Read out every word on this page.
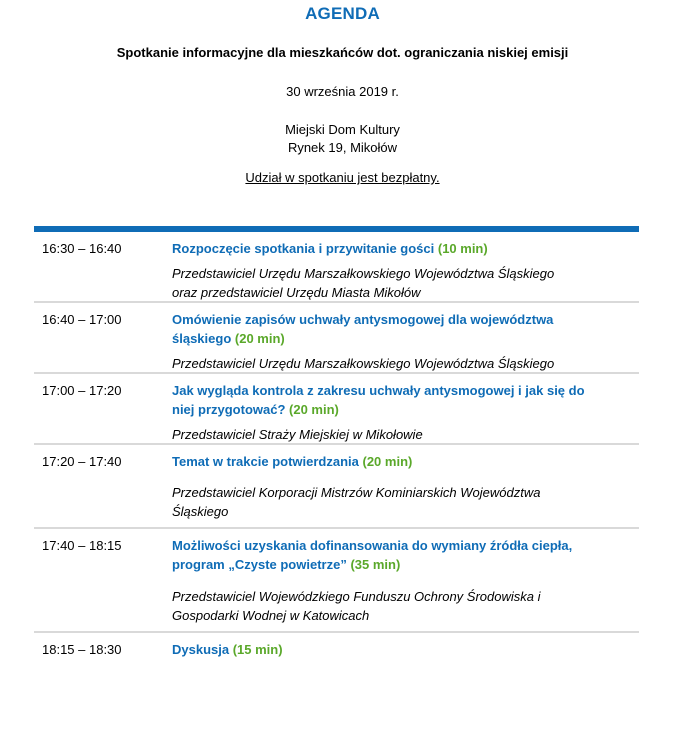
AGENDA
Spotkanie informacyjne dla mieszkańców dot. ograniczania niskiej emisji
30 września 2019 r.
Miejski Dom Kultury
Rynek 19, Mikołów
Udział w spotkaniu jest bezpłatny.
16:30 – 16:40	Rozpoczęcie spotkania i przywitanie gości (10 min)
Przedstawiciel Urzędu Marszałkowskiego Województwa Śląskiego
oraz przedstawiciel Urzędu Miasta Mikołów
16:40 – 17:00	Omówienie zapisów uchwały antysmogowej dla województwa śląskiego (20 min)
Przedstawiciel Urzędu Marszałkowskiego Województwa Śląskiego
17:00 – 17:20	Jak wygląda kontrola z zakresu uchwały antysmogowej i jak się do niej przygotować? (20 min)
Przedstawiciel Straży Miejskiej w Mikołowie
17:20 – 17:40	Temat w trakcie potwierdzania (20 min)
Przedstawiciel Korporacji Mistrzów Kominiarskich Województwa
Śląskiego
17:40 – 18:15	Możliwości uzyskania dofinansowania do wymiany źródła ciepła, program „Czyste powietrze” (35 min)
Przedstawiciel Wojewódzkiego Funduszu Ochrony Środowiska i
Gospodarki Wodnej w Katowicach
18:15 – 18:30	Dyskusja (15 min)
